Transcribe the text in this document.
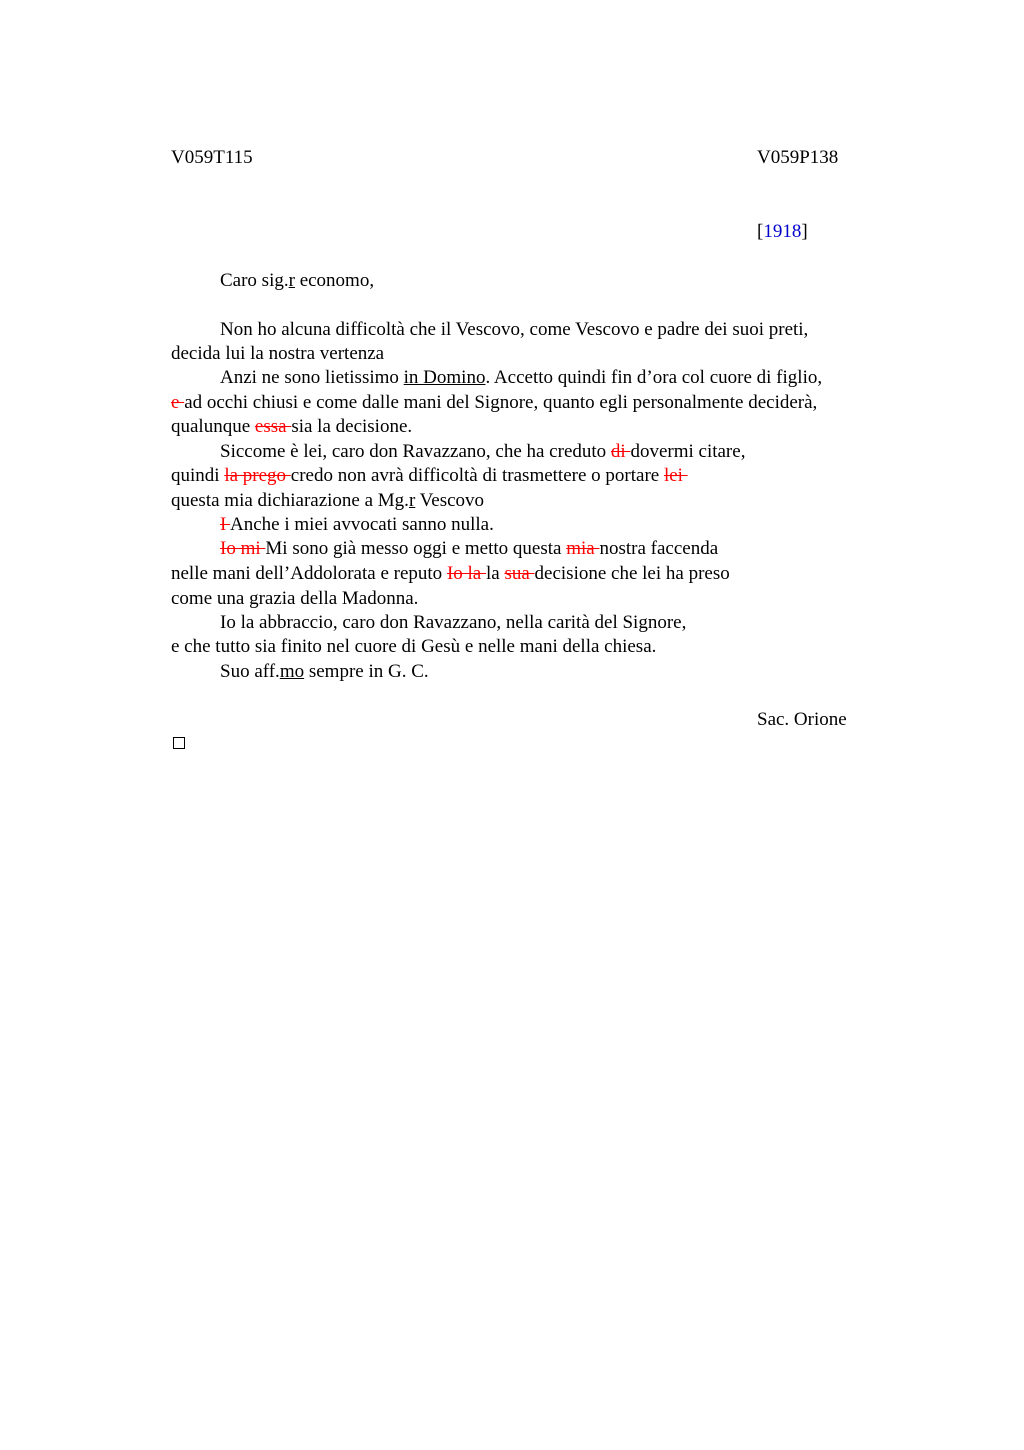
V059T115	V059P138
[1918]
Caro sig.r economo,
Non ho alcuna difficoltà che il Vescovo, come Vescovo e padre dei suoi preti,
decida lui la nostra vertenza
Anzi ne sono lietissimo in Domino. Accetto quindi fin d’ora col cuore di figlio,
e ad occhi chiusi e come dalle mani del Signore, quanto egli personalmente deciderà,
qualunque essa sia la decisione.
Siccome è lei, caro don Ravazzano, che ha creduto di dovermi citare,
quindi la prego credo non avrà difficoltà di trasmettere o portare lei
questa mia dichiarazione a Mg.r Vescovo
I Anche i miei avvocati sanno nulla.
Io mi Mi sono già messo oggi e metto questa mia nostra faccenda
nelle mani dell’Addolorata e reputo Io la la sua decisione che lei ha preso
come una grazia della Madonna.
Io la abbraccio, caro don Ravazzano, nella carità del Signore,
e che tutto sia finito nel cuore di Gesù e nelle mani della chiesa.
Suo aff.mo sempre in G. C.
Sac. Orione
